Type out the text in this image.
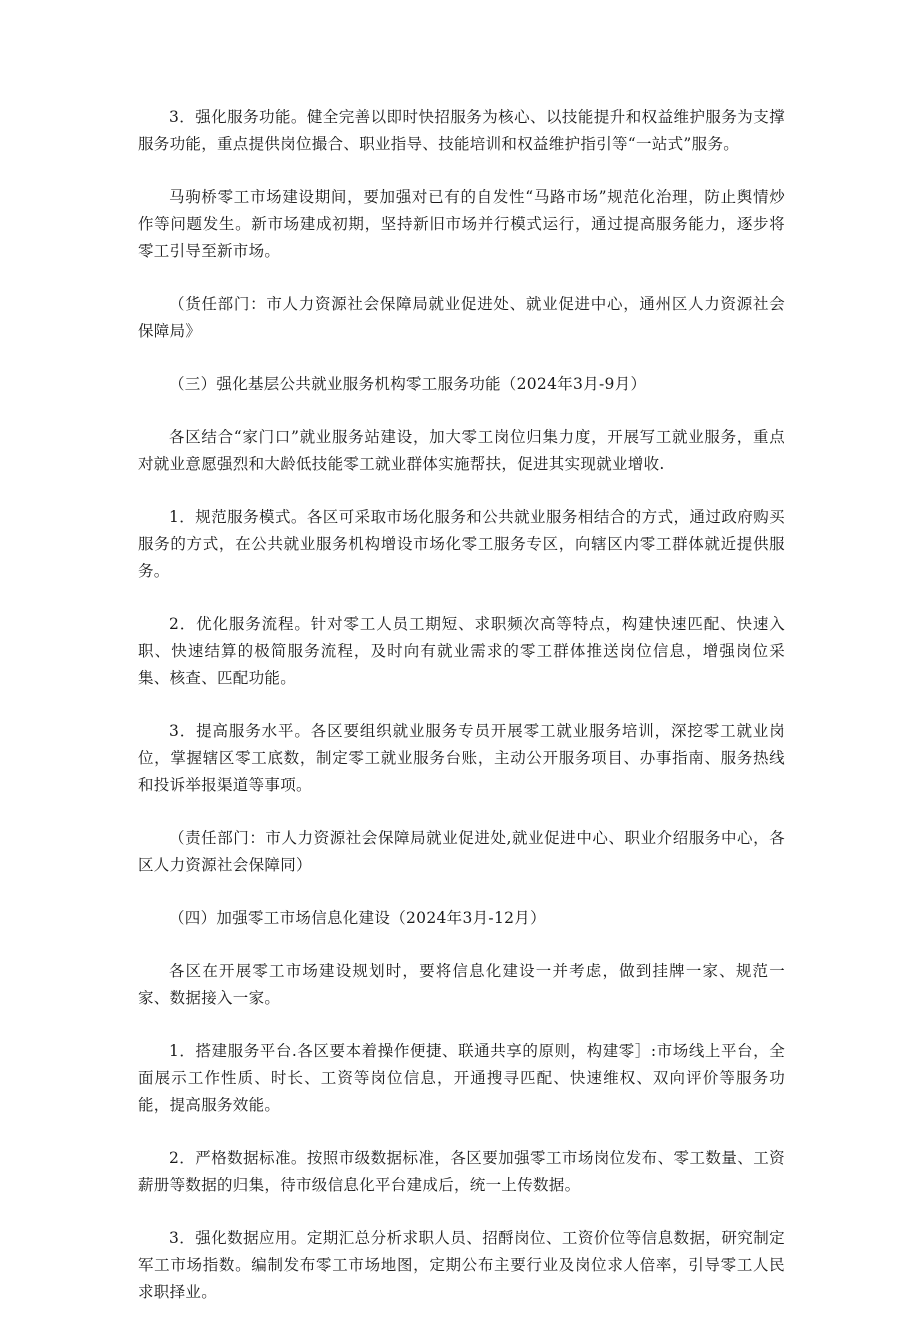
3．强化服务功能。健全完善以即时快招服务为核心、以技能提升和权益维护服务为支撑服务功能，重点提供岗位撮合、职业指导、技能培训和权益维护指引等“一站式”服务。

马驹桥零工市场建设期间，要加强对已有的自发性“马路市场”规范化治理，防止舆情炒作等问题发生。新市场建成初期，坚持新旧市场并行模式运行，通过提高服务能力，逐步将零工引导至新市场。

（货任部门：市人力资源社会保障局就业促进处、就业促进中心，通州区人力资源社会保障局》

（三）强化基层公共就业服务机构零工服务功能（2024年3月-9月）

各区结合“家门口”就业服务站建设，加大零工岗位归集力度，开展写工就业服务，重点对就业意愿强烈和大龄低技能零工就业群体实施帮扶，促进其实现就业增收.

1．规范服务模式。各区可采取市场化服务和公共就业服务相结合的方式，通过政府购买服务的方式，在公共就业服务机构增设市场化零工服务专区，向辖区内零工群体就近提供服务。

2．优化服务流程。针对零工人员工期短、求职频次高等特点，构建快速匹配、快速入职、快速结算的极简服务流程，及时向有就业需求的零工群体推送岗位信息，增强岗位采集、核查、匹配功能。

3．提高服务水平。各区要组织就业服务专员开展零工就业服务培训，深挖零工就业岗位，掌握辖区零工底数，制定零工就业服务台账，主动公开服务项目、办事指南、服务热线和投诉举报渠道等事项。

（责任部门：市人力资源社会保障局就业促进处,就业促进中心、职业介绍服务中心，各区人力资源社会保障同）

（四）加强零工市场信息化建设（2024年3月-12月）

各区在开展零工市场建设规划时，要将信息化建设一并考虑，做到挂牌一家、规范一家、数据接入一家。

1．搭建服务平台.各区要本着操作便捷、联通共享的原则，构建零］:市场线上平台，全面展示工作性质、时长、工资等岗位信息，开通搜寻匹配、快速维权、双向评价等服务功能，提高服务效能。

2．严格数据标准。按照市级数据标准，各区要加强零工市场岗位发布、零工数量、工资薪册等数据的归集，待市级信息化平台建成后，统一上传数据。

3．强化数据应用。定期汇总分析求职人员、招酹岗位、工资价位等信息数据，研究制定军工市场指数。编制发布零工市场地图，定期公布主要行业及岗位求人倍率，引导零工人民求职择业。
